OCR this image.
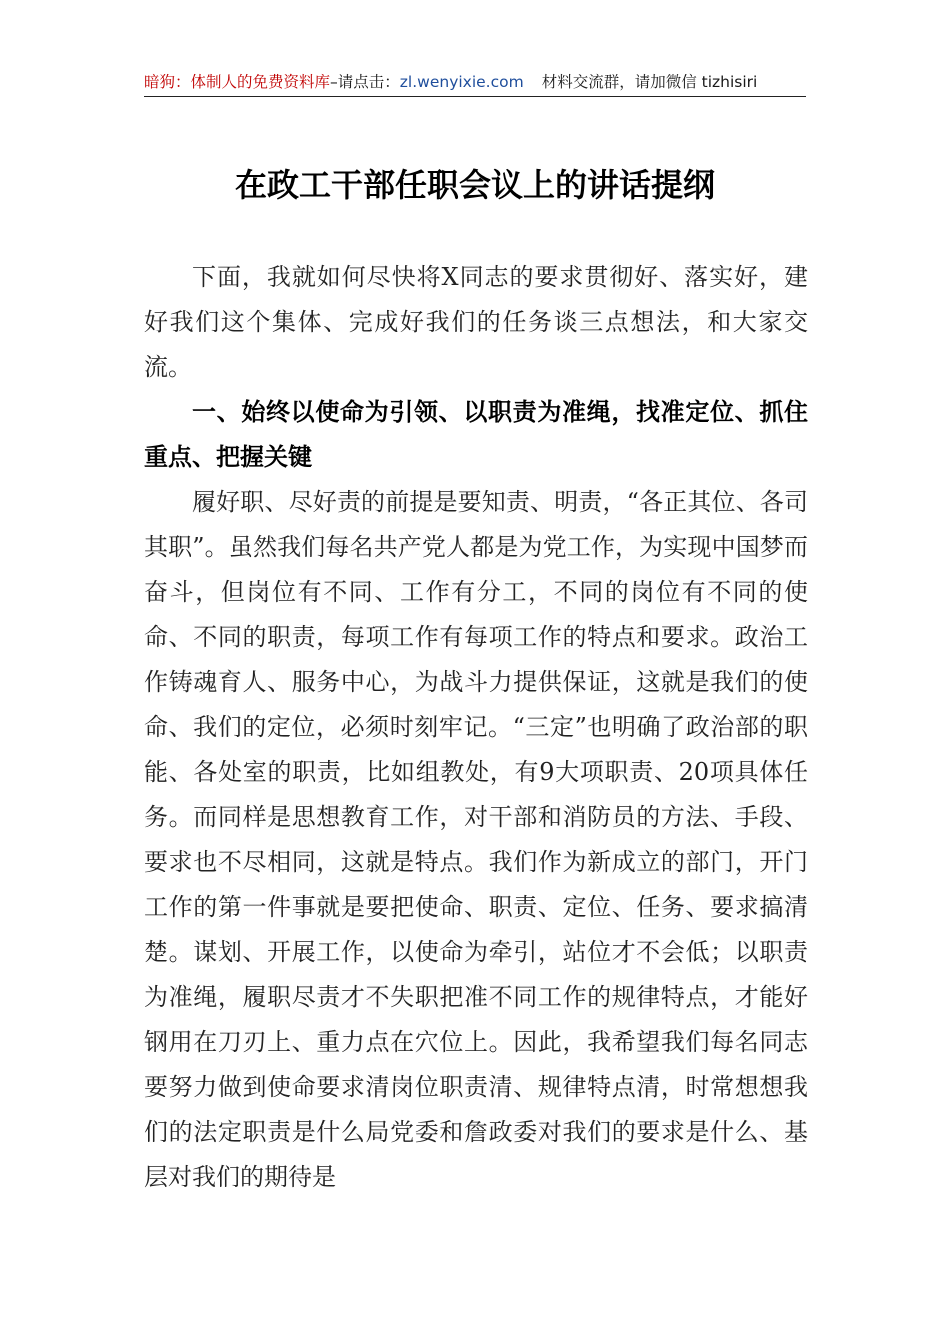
暗狗：体制人的免费资料库 –请点击： zl.wenyixie.com 材料交流群，请加微信 tizhisiri
在政工干部任职会议上的讲话提纲

下面，我就如何尽快将X同志的要求贯彻好、落实好，建好我们这个集体、完成好我们的任务谈三点想法，和大家交流。

一、始终以使命为引领、以职责为准绳，找准定位、抓住重点、把握关键

履好职、尽好责的前提是要知责、明责，“各正其位、各司其职”。虽然我们每名共产党人都是为党工作，为实现中国梦而奋斗，但岗位有不同、工作有分工，不同的岗位有不同的使命、不同的职责，每项工作有每项工作的特点和要求。政治工作铸魂育人、服务中心，为战斗力提供保证，这就是我们的使命、我们的定位，必须时刻牢记。“三定”也明确了政治部的职能、各处室的职责，比如组教处，有9大项职责、20项具体任务。而同样是思想教育工作，对干部和消防员的方法、手段、要求也不尽相同，这就是特点。我们作为新成立的部门，开门工作的第一件事就是要把使命、职责、定位、任务、要求搞清楚。谋划、开展工作，以使命为牵引，站位才不会低；以职责为准绳，履职尽责才不失职把准不同工作的规律特点，才能好钢用在刀刃上、重力点在穴位上。因此，我希望我们每名同志要努力做到使命要求清岗位职责清、规律特点清，时常想想我们的法定职责是什么局党委和詹政委对我们的要求是什么、基层对我们的期待是
